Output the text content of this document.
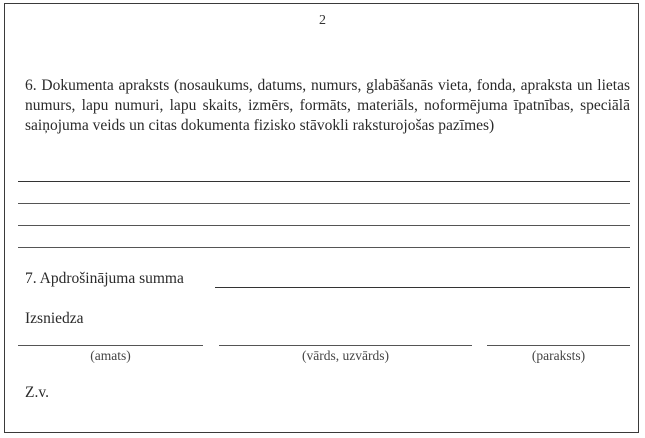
2
6. Dokumenta apraksts (nosaukums, datums, numurs, glabāšanās vieta, fonda, apraksta un lietas numurs, lapu numuri, lapu skaits, izmērs, formāts, materiāls, noformējuma īpatnības, speciālā saiņojuma veids un citas dokumenta fizisko stāvokli raksturojošas pazīmes)
7. Apdrošinājuma summa
Izsniedza
(amats)	(vārds, uzvārds)	(paraksts)
Z.v.
